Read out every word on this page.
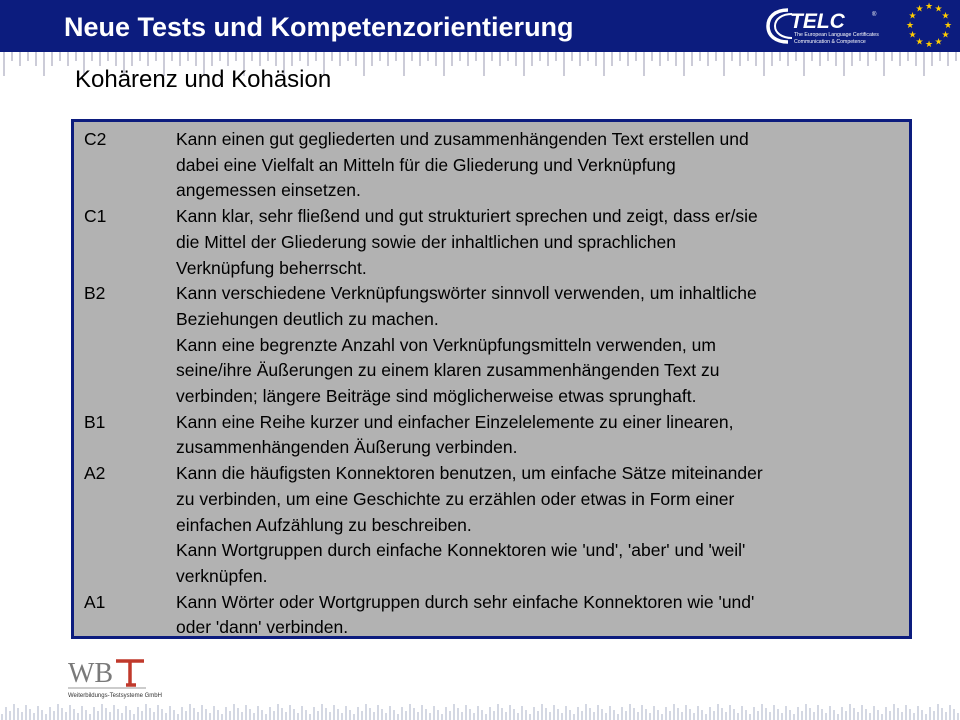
Neue Tests und Kompetenzorientierung	TELC	®
The European Language Certificates
Communication & Competence
★ ★
★
★
★
★
★
★
★
★
★
★
Kohärenz und Kohäsion
C2	Kann einen gut gegliederten und zusammenhängenden Text erstellen und
dabei eine Vielfalt an Mitteln für die Gliederung und Verknüpfung
angemessen einsetzen.
C1	Kann klar, sehr fließend und gut strukturiert sprechen und zeigt, dass er/sie
die Mittel der Gliederung sowie der inhaltlichen und sprachlichen
Verknüpfung beherrscht.
B2	Kann verschiedene Verknüpfungswörter sinnvoll verwenden, um inhaltliche
Beziehungen deutlich zu machen.
Kann eine begrenzte Anzahl von Verknüpfungsmitteln verwenden, um
seine/ihre Äußerungen zu einem klaren zusammenhängenden Text zu
verbinden; längere Beiträge sind möglicherweise etwas sprunghaft.
B1	Kann eine Reihe kurzer und einfacher Einzelelemente zu einer linearen,
zusammenhängenden Äußerung verbinden.
A2	Kann die häufigsten Konnektoren benutzen, um einfache Sätze miteinander
zu verbinden, um eine Geschichte zu erzählen oder etwas in Form einer
einfachen Aufzählung zu beschreiben.
Kann Wortgruppen durch einfache Konnektoren wie 'und', 'aber' und 'weil'
verknüpfen.
A1	Kann Wörter oder Wortgruppen durch sehr einfache Konnektoren wie 'und'
oder 'dann' verbinden.
WB
Weiterbildungs-Testsysteme GmbH
